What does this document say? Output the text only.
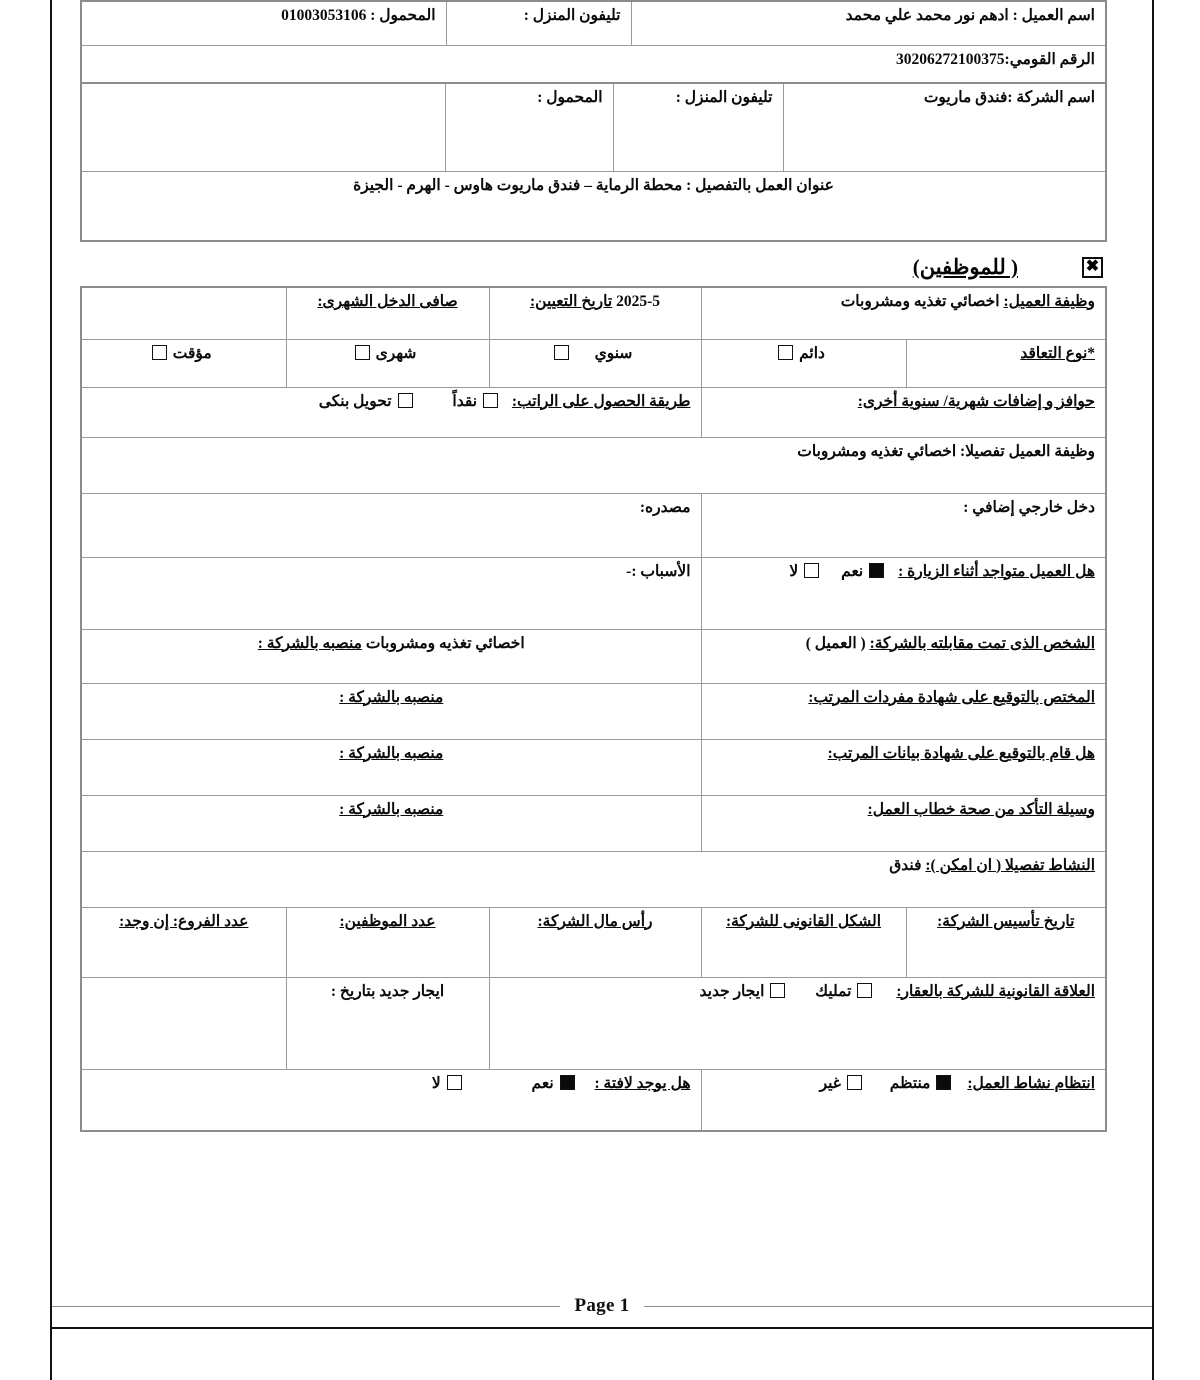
اسم العميل : ادهم نور محمد علي محمد	تليفون المنزل :	المحمول : 01003053106
الرقم القومي:30206272100375
اسم الشركة :فندق ماريوت	تليفون المنزل :	المحمول :	
عنوان العمل بالتفصيل : محطة الرماية – فندق ماريوت هاوس - الهرم - الجيزة
✖
( للموظفين)
وظيفة العميل: اخصائي تغذيه ومشروبات		2025-5 تاريخ التعيين:	صافى الدخل الشهرى:	
*نوع التعاقد	دائم	سنوي	شهرى	مؤقت
حوافز و إضافات شهرية/ سنوية أخرى:		طريقة الحصول على الراتب: نقداً تحويل بنكى		
وظيفة العميل تفصيلا: اخصائي تغذيه ومشروبات				
دخل خارجي إضافي :		مصدره:		
هل العميل متواجد أثناء الزيارة : نعم لا		الأسباب :-		
الشخص الذى تمت مقابلته بالشركة: ( العميل )		اخصائي تغذيه ومشروبات منصبه بالشركة :		
المختص بالتوقيع على شهادة مفردات المرتب:		منصبه بالشركة :		
هل قام بالتوقيع على شهادة بيانات المرتب:		منصبه بالشركة :		
وسيلة التأكد من صحة خطاب العمل:		منصبه بالشركة :		
النشاط تفصيلا ( ان امكن ): فندق				
تاريخ تأسيس الشركة:	الشكل القانونى للشركة:	رأس مال الشركة:	عدد الموظفين:	عدد الفروع: إن وجد:
العلاقة القانونية للشركة بالعقار: تمليك ايجار جديد			ايجار جديد بتاريخ :	
انتظام نشاط العمل: منتظم غير		هل يوجد لافتة : نعم لا		
Page 1
